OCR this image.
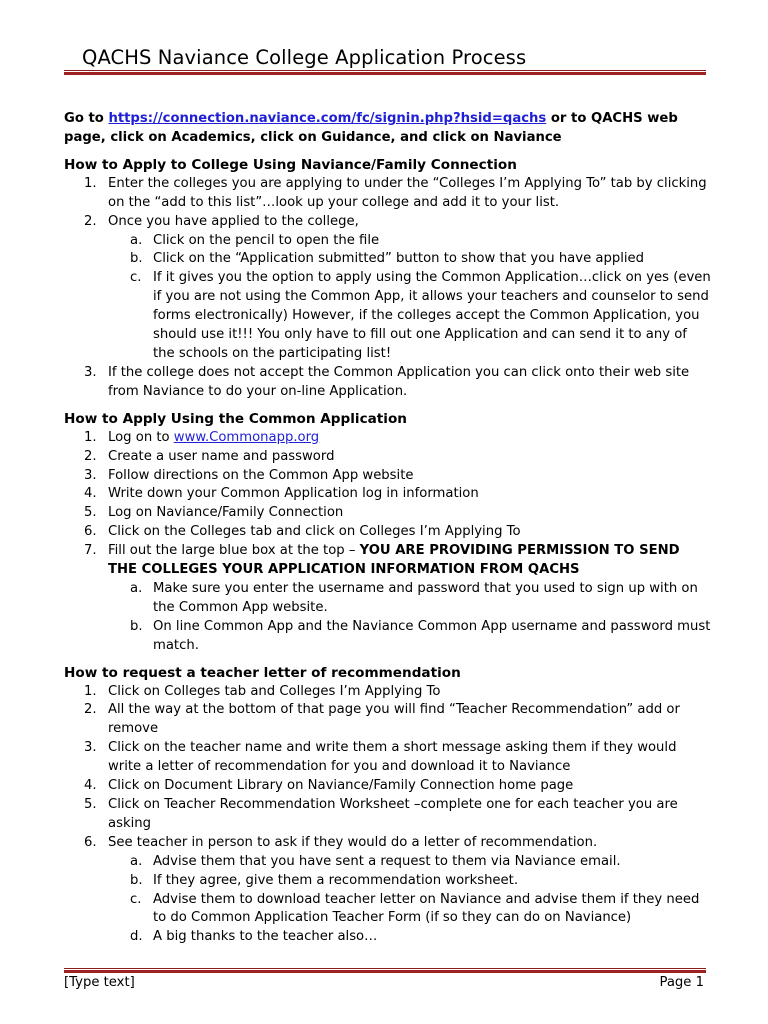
QACHS Naviance College Application Process

Go to https://connection.naviance.com/fc/signin.php?hsid=qachs or to QACHS web page, click on Academics, click on Guidance, and click on Naviance

How to Apply to College Using Naviance/Family Connection
1. Enter the colleges you are applying to under the “Colleges I’m Applying To” tab by clicking on the “add to this list”…look up your college and add it to your list.
2. Once you have applied to the college,
a. Click on the pencil to open the file
b. Click on the “Application submitted” button to show that you have applied
c. If it gives you the option to apply using the Common Application…click on yes (even if you are not using the Common App, it allows your teachers and counselor to send forms electronically) However, if the colleges accept the Common Application, you should use it!!! You only have to fill out one Application and can send it to any of the schools on the participating list!
3. If the college does not accept the Common Application you can click onto their web site from Naviance to do your on-line Application.
How to Apply Using the Common Application
1. Log on to www.Commonapp.org
2. Create a user name and password
3. Follow directions on the Common App website
4. Write down your Common Application log in information
5. Log on Naviance/Family Connection
6. Click on the Colleges tab and click on Colleges I’m Applying To
7. Fill out the large blue box at the top – YOU ARE PROVIDING PERMISSION TO SEND THE COLLEGES YOUR APPLICATION INFORMATION FROM QACHS
a. Make sure you enter the username and password that you used to sign up with on the Common App website.
b. On line Common App and the Naviance Common App username and password must match.
How to request a teacher letter of recommendation
1. Click on Colleges tab and Colleges I’m Applying To
2. All the way at the bottom of that page you will find “Teacher Recommendation” add or remove
3. Click on the teacher name and write them a short message asking them if they would write a letter of recommendation for you and download it to Naviance
4. Click on Document Library on Naviance/Family Connection home page
5. Click on Teacher Recommendation Worksheet –complete one for each teacher you are asking
6. See teacher in person to ask if they would do a letter of recommendation.
a. Advise them that you have sent a request to them via Naviance email.
b. If they agree, give them a recommendation worksheet.
c. Advise them to download teacher letter on Naviance and advise them if they need to do Common Application Teacher Form (if so they can do on Naviance)
d. A big thanks to the teacher also…
[Type text]	Page 1
